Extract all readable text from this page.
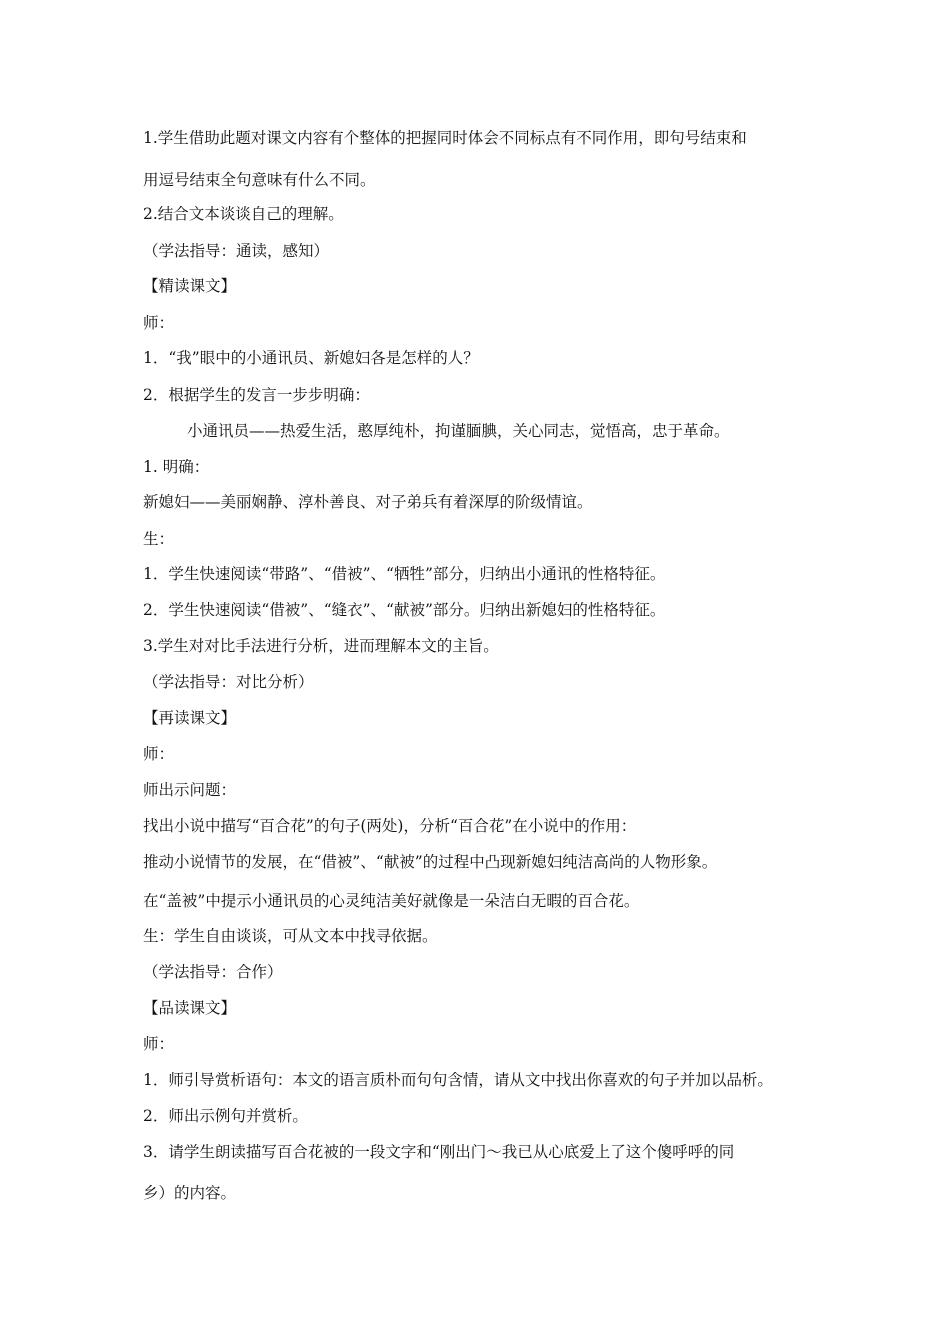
1.学生借助此题对课文内容有个整体的把握同时体会不同标点有不同作用，即句号结束和
用逗号结束全句意味有什么不同。
2.结合文本谈谈自己的理解。
（学法指导：通读，感知）
【精读课文】
师：
1．“我”眼中的小通讯员、新媳妇各是怎样的人？
2．根据学生的发言一步步明确：
小通讯员——热爱生活，憨厚纯朴，拘谨腼腆，关心同志，觉悟高，忠于革命。
1. 明确：
新媳妇——美丽娴静、淳朴善良、对子弟兵有着深厚的阶级情谊。
生：
1．学生快速阅读“带路”、“借被”、“牺牲”部分，归纳出小通讯的性格特征。
2．学生快速阅读“借被”、“缝衣”、“献被”部分。归纳出新媳妇的性格特征。
3.学生对对比手法进行分析，进而理解本文的主旨。
（学法指导：对比分析）
【再读课文】
师：
师出示问题：
找出小说中描写“百合花”的句子(两处)，分析“百合花”在小说中的作用：
推动小说情节的发展，在“借被”、“献被”的过程中凸现新媳妇纯洁高尚的人物形象。
在“盖被”中提示小通讯员的心灵纯洁美好就像是一朵洁白无暇的百合花。
生：学生自由谈谈，可从文本中找寻依据。
（学法指导：合作）
【品读课文】
师：
1．师引导赏析语句：本文的语言质朴而句句含情，请从文中找出你喜欢的句子并加以品析。
2．师出示例句并赏析。
3．请学生朗读描写百合花被的一段文字和“刚出门～我已从心底爱上了这个傻呼呼的同
乡）的内容。
